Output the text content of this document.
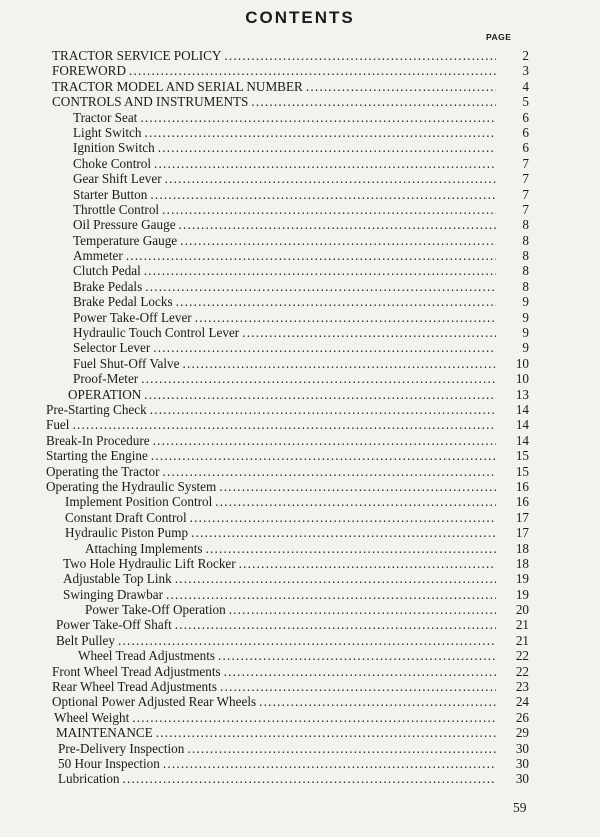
CONTENTS
PAGE
TRACTOR SERVICE POLICY .....	2
FOREWORD .....	3
TRACTOR MODEL AND SERIAL NUMBER .....	4
CONTROLS AND INSTRUMENTS .....	5
Tractor Seat .....	6
Light Switch .....	6
Ignition Switch .....	6
Choke Control .....	7
Gear Shift Lever .....	7
Starter Button .....	7
Throttle Control .....	7
Oil Pressure Gauge .....	8
Temperature Gauge .....	8
Ammeter .....	8
Clutch Pedal .....	8
Brake Pedals .....	8
Brake Pedal Locks .....	9
Power Take-Off Lever .....	9
Hydraulic Touch Control Lever .....	9
Selector Lever .....	9
Fuel Shut-Off Valve .....	10
Proof-Meter .....	10
OPERATION .....	13
Pre-Starting Check .....	14
Fuel .....	14
Break-In Procedure .....	14
Starting the Engine .....	15
Operating the Tractor .....	15
Operating the Hydraulic System .....	16
Implement Position Control .....	16
Constant Draft Control .....	17
Hydraulic Piston Pump .....	17
Attaching Implements .....	18
Two Hole Hydraulic Lift Rocker .....	18
Adjustable Top Link .....	19
Swinging Drawbar .....	19
Power Take-Off Operation .....	20
Power Take-Off Shaft .....	21
Belt Pulley .....	21
Wheel Tread Adjustments .....	22
Front Wheel Tread Adjustments .....	22
Rear Wheel Tread Adjustments .....	23
Optional Power Adjusted Rear Wheels .....	24
Wheel Weight .....	26
MAINTENANCE .....	29
Pre-Delivery Inspection .....	30
50 Hour Inspection .....	30
Lubrication .....	30
59
